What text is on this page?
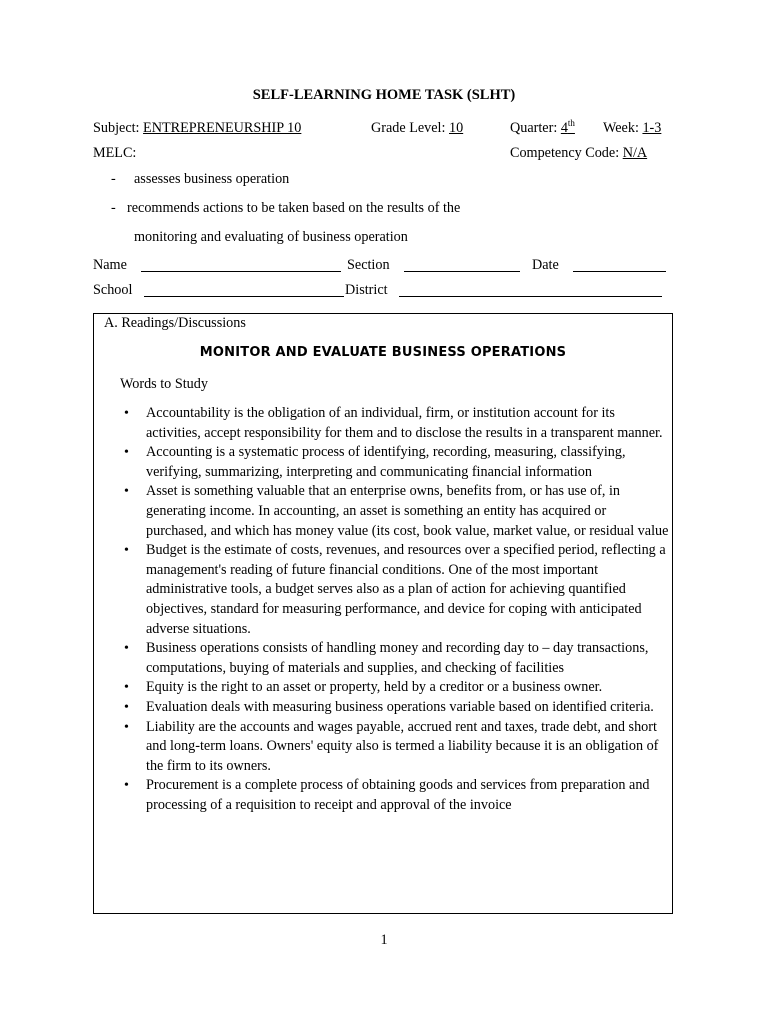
SELF-LEARNING HOME TASK (SLHT)
Subject: ENTREPRENEURSHIP 10	Grade Level: 10	Quarter: 4th Week: 1-3
MELC:	Competency Code: N/A
- assesses business operation
- recommends actions to be taken based on the results of the
monitoring and evaluating of business operation
Name	Section	Date
School	District
A. Readings/Discussions
MONITOR AND EVALUATE BUSINESS OPERATIONS
Words to Study
• Accountability is the obligation of an individual, firm, or institution account for its activities, accept responsibility for them and to disclose the results in a transparent manner.
• Accounting is a systematic process of identifying, recording, measuring, classifying, verifying, summarizing, interpreting and communicating financial information
• Asset is something valuable that an enterprise owns, benefits from, or has use of, in generating income. In accounting, an asset is something an entity has acquired or purchased, and which has money value (its cost, book value, market value, or residual value
• Budget is the estimate of costs, revenues, and resources over a specified period, reflecting a management's reading of future financial conditions. One of the most important administrative tools, a budget serves also as a plan of action for achieving quantified objectives, standard for measuring performance, and device for coping with anticipated adverse situations.
• Business operations consists of handling money and recording day to – day transactions, computations, buying of materials and supplies, and checking of facilities
• Equity is the right to an asset or property, held by a creditor or a business owner.
• Evaluation deals with measuring business operations variable based on identified criteria.
• Liability are the accounts and wages payable, accrued rent and taxes, trade debt, and short and long-term loans. Owners' equity also is termed a liability because it is an obligation of the firm to its owners.
• Procurement is a complete process of obtaining goods and services from preparation and processing of a requisition to receipt and approval of the invoice
1
